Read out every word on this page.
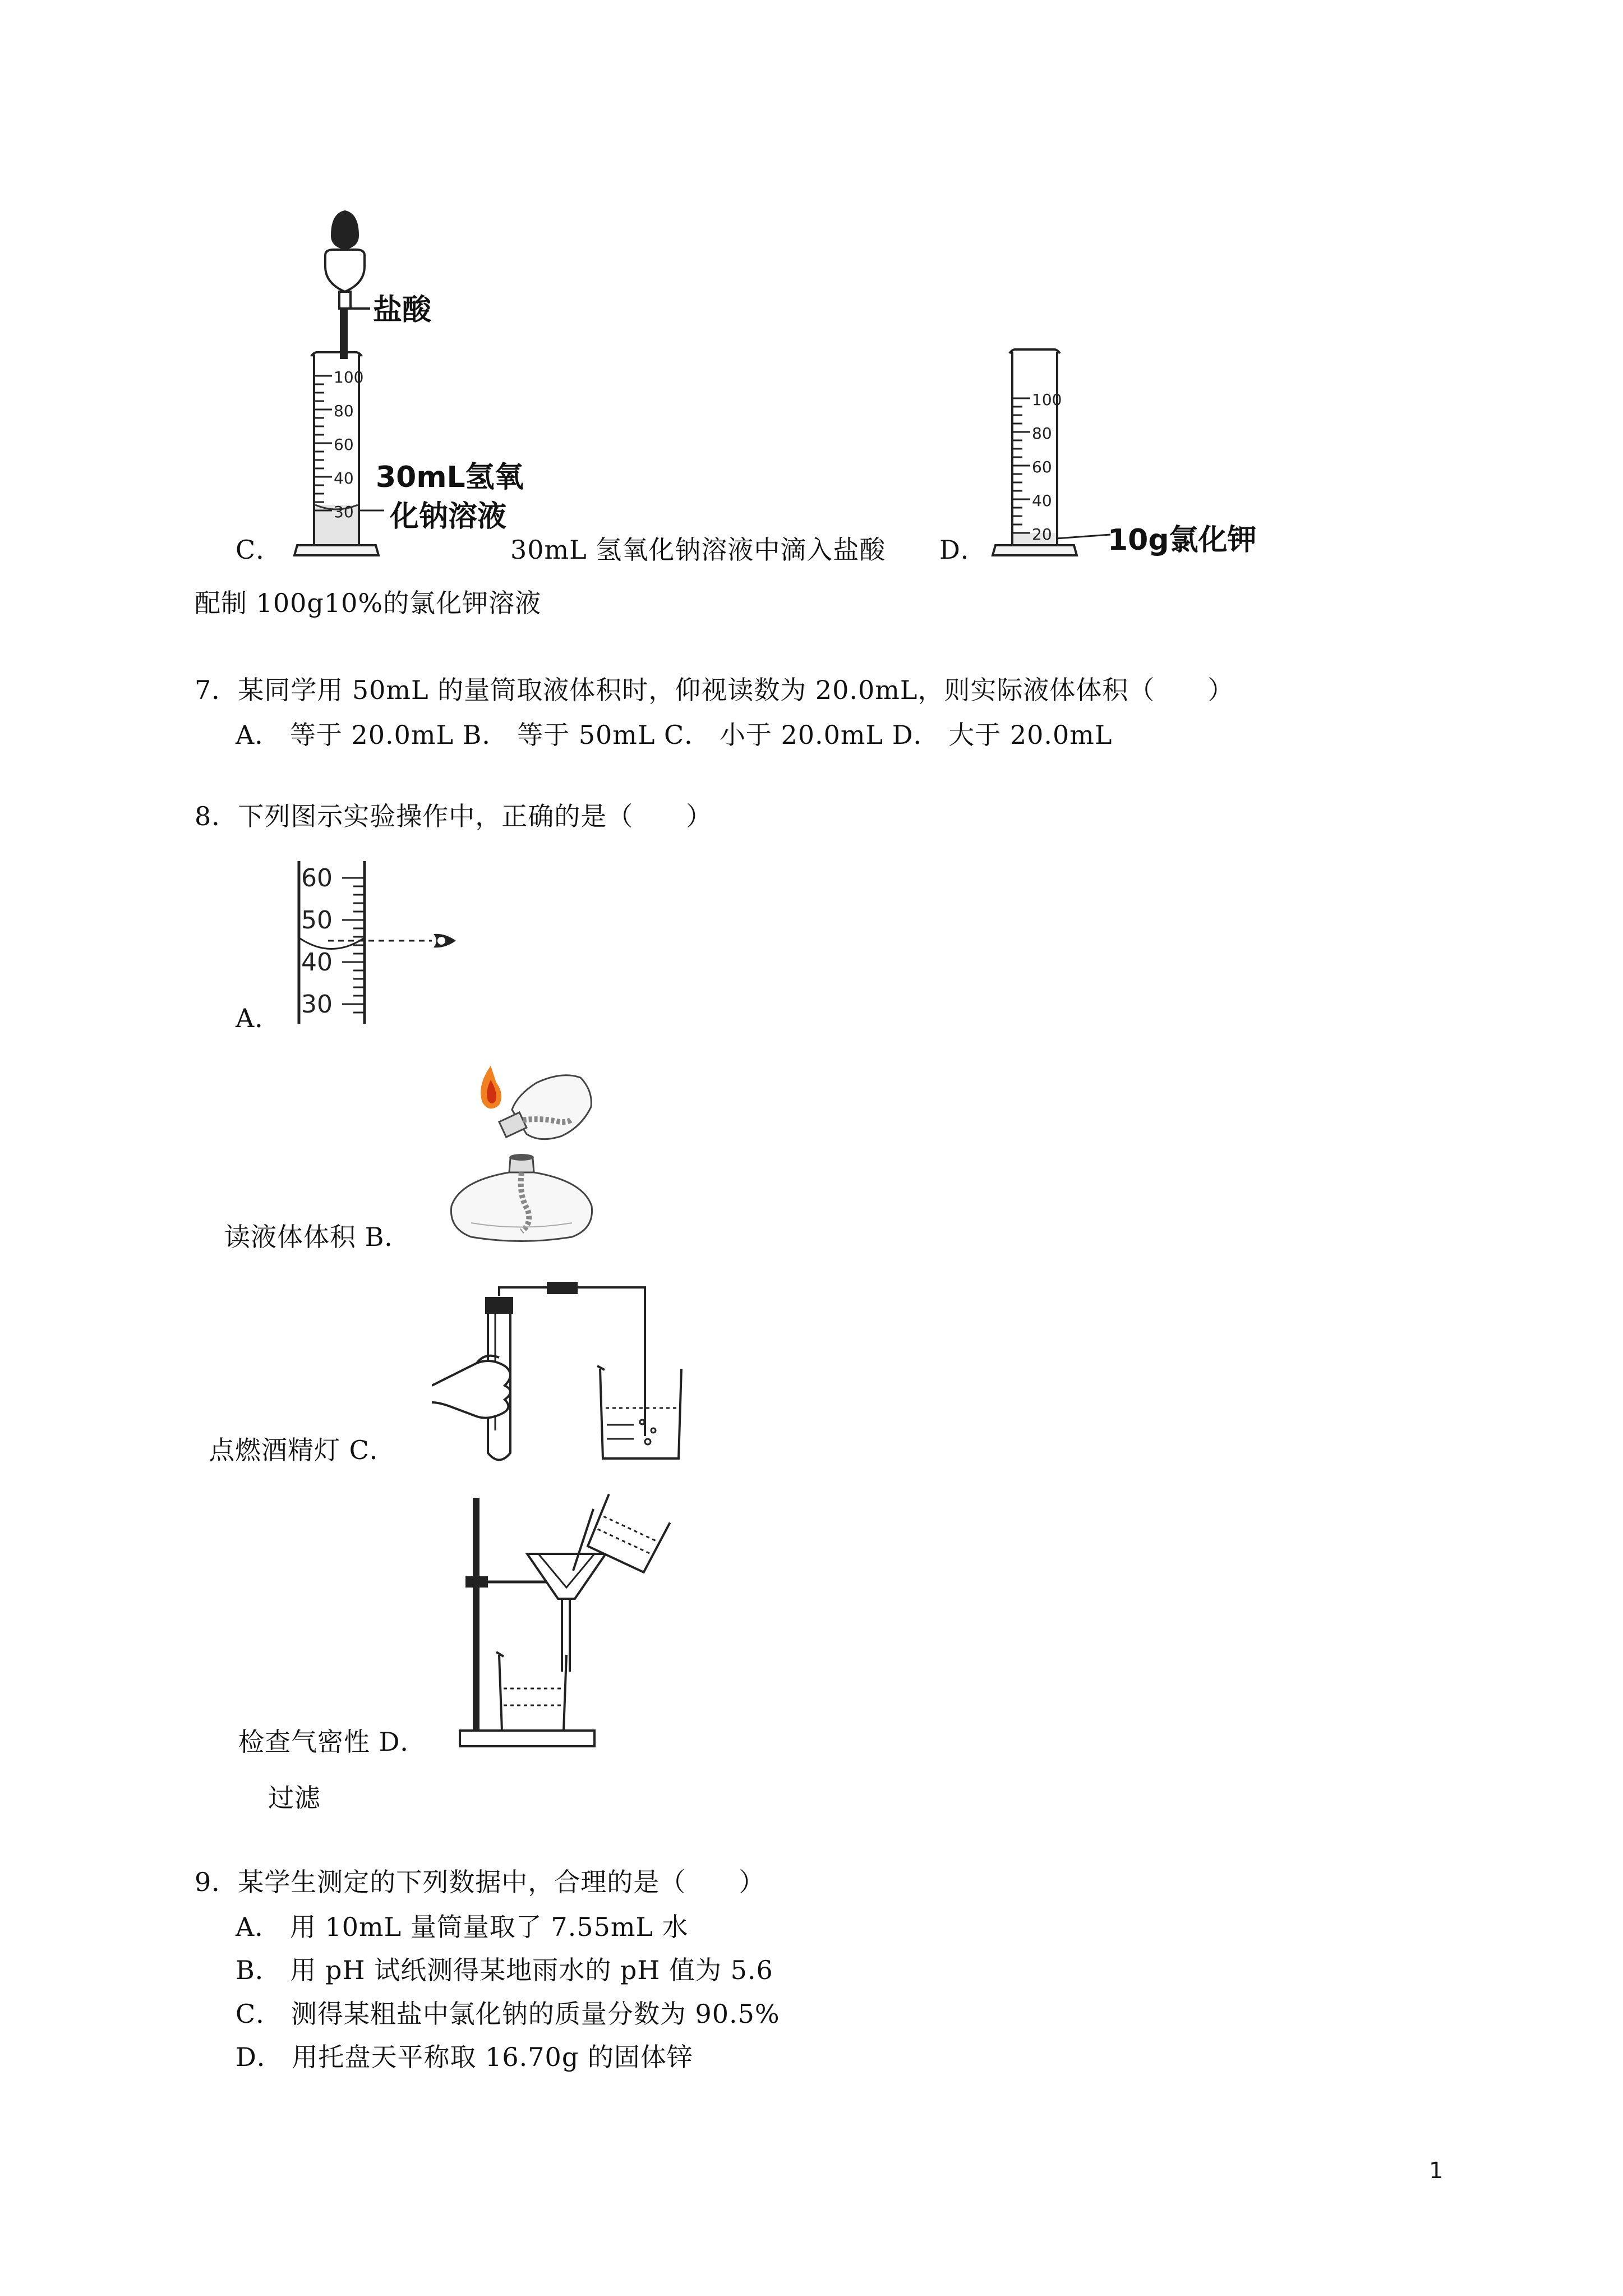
100
80
60
40
30
盐酸
30mL氢氧
化钠溶液
100
80
60
40
20 10g氯化钾
C．	30mL 氢氧化钠溶液中滴入盐酸 D．
配制 100g10%的氯化钾溶液
7．某同学用 50mL 的量筒取液体积时，仰视读数为 20.0mL，则实际液体体积（　　）
A． 等于 20.0mL B． 等于 50mL C． 小于 20.0mL D． 大于 20.0mL
8．下列图示实验操作中，正确的是（　　）
60
50
40
30
A．
读液体体积 B．
点燃酒精灯 C．
检查气密性 D．
过滤
9．某学生测定的下列数据中，合理的是（　　）
A． 用 10mL 量筒量取了 7.55mL 水
B． 用 pH 试纸测得某地雨水的 pH 值为 5.6
C． 测得某粗盐中氯化钠的质量分数为 90.5%
D． 用托盘天平称取 16.70g 的固体锌
1
